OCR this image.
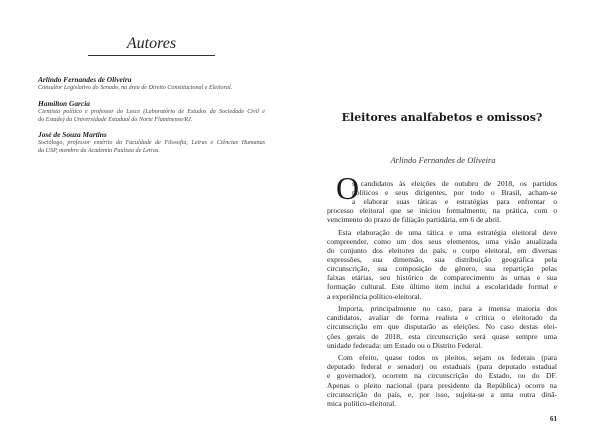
Autores
Arlindo Fernandes de Oliveira
Consultor Legislativo do Senado, na área de Direito Constitucional e Eleitoral.
Hamilton Garcia
Cientista político e professor do Lesce (Laboratório de Estudos da Sociedade Civil e
do Estado) da Universidade Estadual do Norte Fluminense/RJ.
José de Souza Martins
Sociólogo, professor emérito da Faculdade de Filosofia, Letras e Ciências Humanas
da USP, membro da Academia Paulista de Letras.
Eleitores analfabetos e omissos?
Arlindo Fernandes de Oliveira
O
s candidatos às eleições de outubro de 2018, os partidos
políticos e seus dirigentes, por todo o Brasil, acham-se
a elaborar suas táticas e estratégias para enfrentar o
processo eleitoral que se iniciou formalmente, na prática, com o
vencimento do prazo de filiação partidária, em 6 de abril.
Esta elaboração de uma tática e uma estratégia eleitoral deve
compreender, como um dos seus elementos, uma visão atualizada
do conjunto dos eleitores do país, o corpo eleitoral, em diversas
expressões, sua dimensão, sua distribuição geográfica pela
circunscrição, sua composição de gênero, sua repartição pelas
faixas etárias, seu histórico de comparecimento às urnas e sua
formação cultural. Este último item inclui a escolaridade formal e
a experiência político-eleitoral.
Importa, principalmente no caso, para a imensa maioria dos
candidatos, avaliar de forma realista e crítica o eleitorado da
circunscrição em que disputarão as eleições. No caso destas elei-
ções gerais de 2018, esta circunscrição será quase sempre uma
unidade federada: um Estado ou o Distrito Federal.
Com efeito, quase todos os pleitos, sejam os federais (para
deputado federal e senador) ou estaduais (para deputado estadual
e governador), ocorrem na circunscrição do Estado, ou do DF.
Apenas o pleito nacional (para presidente da República) ocorre na
circunscrição do país, e, por isso, sujeita-se a uma outra dinâ-
mica político-eleitoral.
61
